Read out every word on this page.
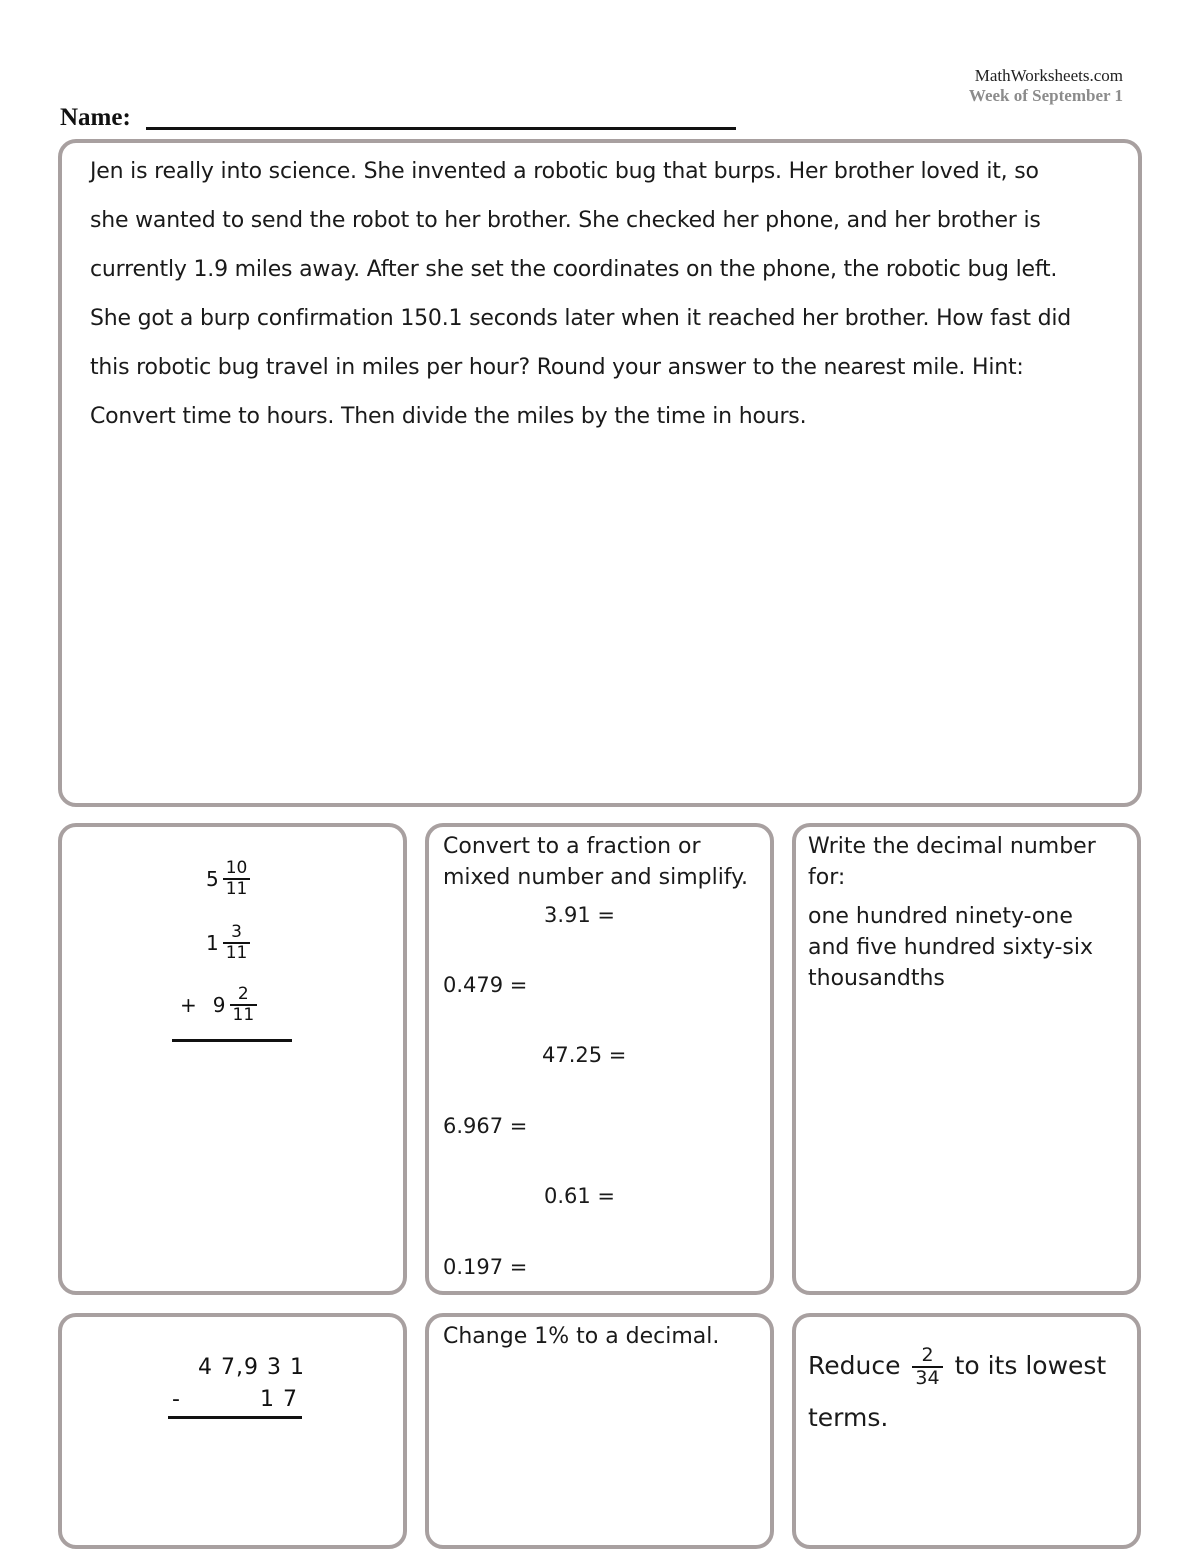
MathWorksheets.com
Week of September 1
Name:
Jen is really into science. She invented a robotic bug that burps. Her brother loved it, so
she wanted to send the robot to her brother. She checked her phone, and her brother is
currently 1.9 miles away. After she set the coordinates on the phone, the robotic bug left.
She got a burp confirmation 150.1 seconds later when it reached her brother. How fast did
this robotic bug travel in miles per hour? Round your answer to the nearest mile. Hint:
Convert time to hours. Then divide the miles by the time in hours.
$5 \frac{10}{11}$
$1 \frac{3}{11}$
+ $9 \frac{2}{11}$
Convert to a fraction or
mixed number and simplify.
3.91 =
0.479 =
47.25 =
6.967 =
0.61 =
0.197 =
Write the decimal number
for:
one hundred ninety-one
and five hundred sixty-six
thousandths
4 7,9 3 1
-	1 7
Change 1% to a decimal.
Reduce $\frac{2}{34}$ to its lowest
terms.
